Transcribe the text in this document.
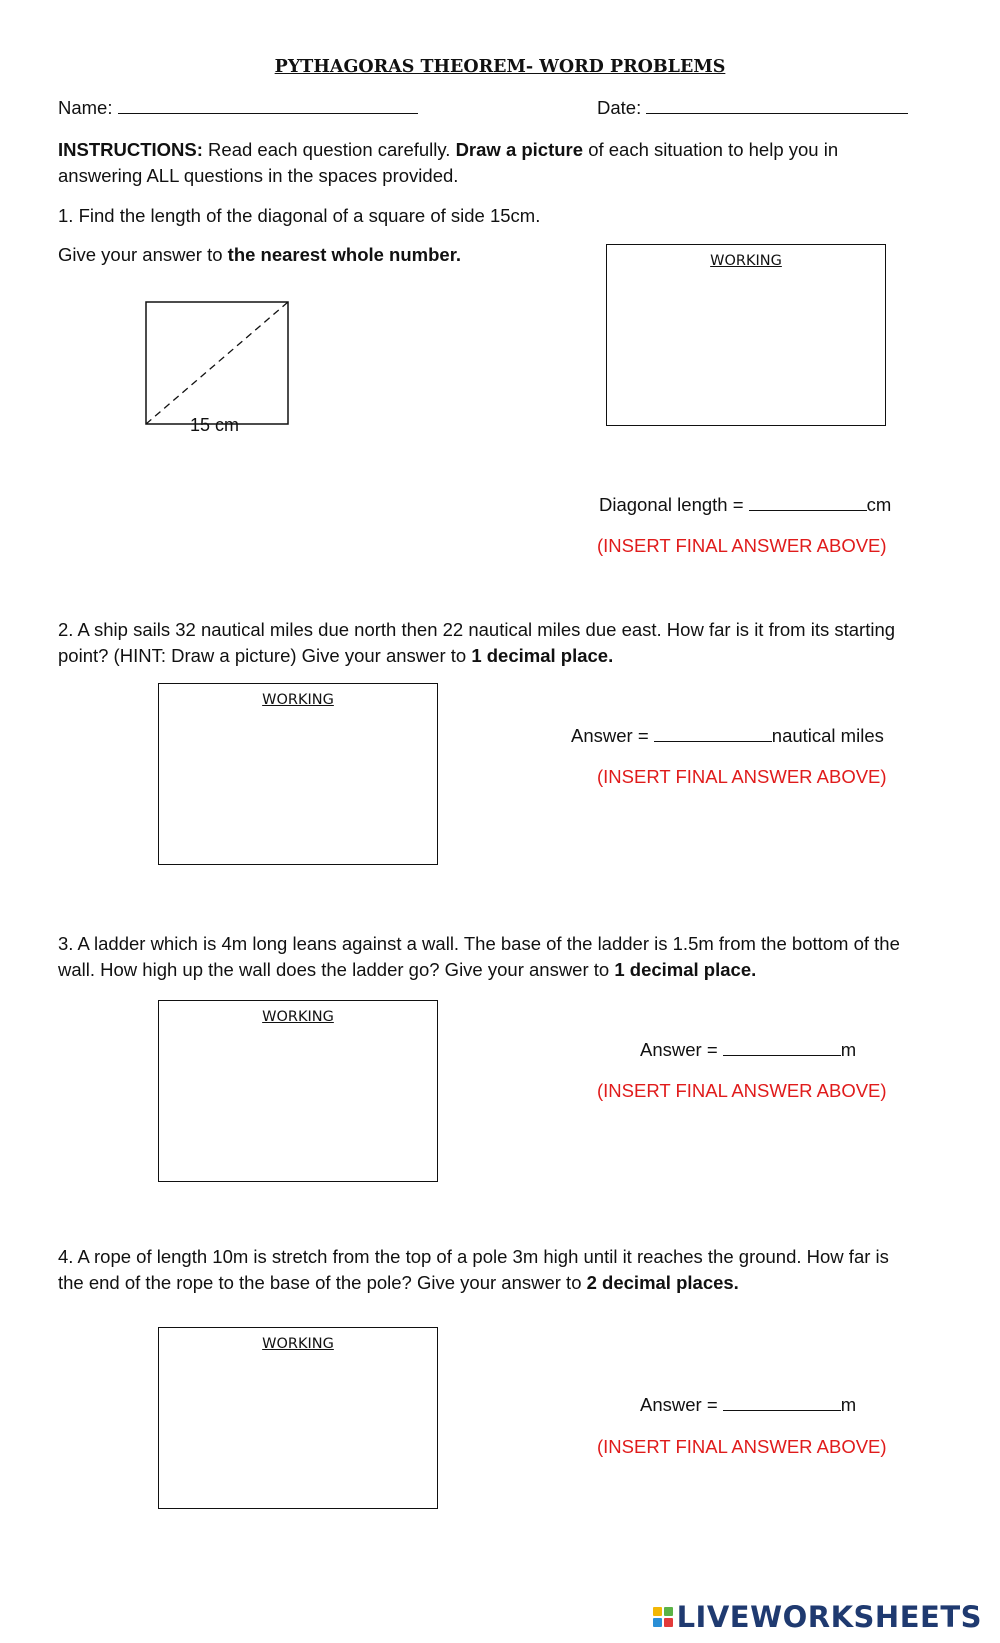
PYTHAGORAS THEOREM- WORD PROBLEMS
Name:	Date:
INSTRUCTIONS: Read each question carefully. Draw a picture of each situation to help you in answering ALL questions in the spaces provided.
1. Find the length of the diagonal of a square of side 15cm.
Give your answer to the nearest whole number.
15 cm
WORKING
Diagonal length =	cm
(INSERT FINAL ANSWER ABOVE)
2. A ship sails 32 nautical miles due north then 22 nautical miles due east. How far is it from its starting point? (HINT: Draw a picture) Give your answer to 1 decimal place.
WORKING
Answer =	nautical miles
(INSERT FINAL ANSWER ABOVE)
3. A ladder which is 4m long leans against a wall. The base of the ladder is 1.5m from the bottom of the wall. How high up the wall does the ladder go? Give your answer to 1 decimal place.
WORKING
Answer =	m
(INSERT FINAL ANSWER ABOVE)
4. A rope of length 10m is stretch from the top of a pole 3m high until it reaches the ground. How far is the end of the rope to the base of the pole? Give your answer to 2 decimal places.
WORKING
Answer =	m
(INSERT FINAL ANSWER ABOVE)
LIVEWORKSHEETS
